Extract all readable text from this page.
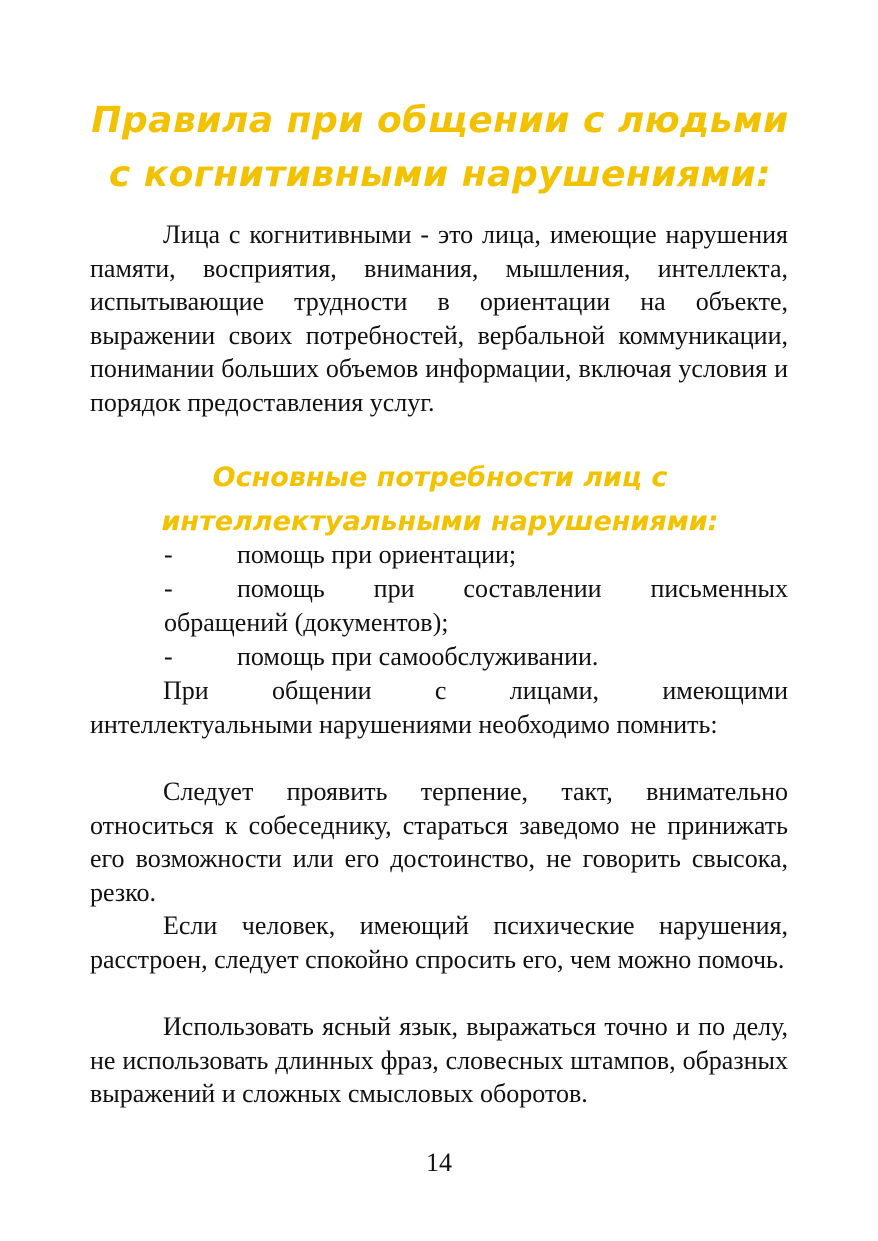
Правила при общении с людьми
с когнитивными нарушениями:

Лица с когнитивными - это лица, имеющие нарушения памяти, восприятия, внимания, мышления, интеллекта, испытывающие трудности в ориентации на объекте, выражении своих потребностей, вербальной коммуникации, понимании больших объемов информации, включая условия и порядок предоставления услуг.

Основные потребности лиц с
интеллектуальными нарушениями:
-	помощь при ориентации;
-	помощь при составлении письменных обращений (документов);
-	помощь при самообслуживании.

При общении с лицами, имеющими интеллектуальными нарушениями необходимо помнить:

Следует проявить терпение, такт, внимательно относиться к собеседнику, стараться заведомо не принижать его возможности или его достоинство, не говорить свысока, резко.

Если человек, имеющий психические нарушения, расстроен, следует спокойно спросить его, чем можно помочь.

Использовать ясный язык, выражаться точно и по делу, не использовать длинных фраз, словесных штампов, образных выражений и сложных смысловых оборотов.

14
